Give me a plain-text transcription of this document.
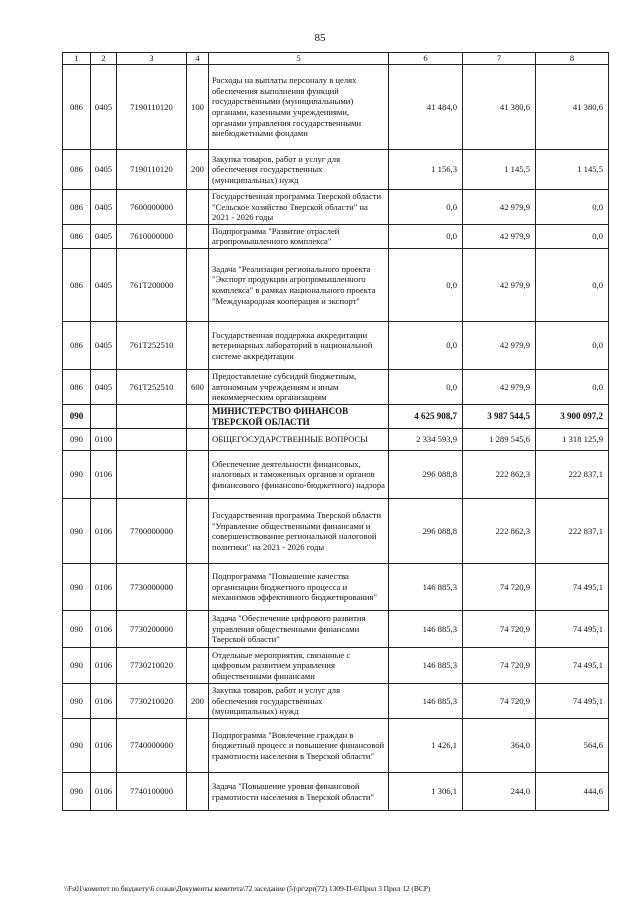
85
1	2	3	4	5	6	7	8
086	0405	7190110120	100	Расходы на выплаты персоналу в целях обеспечения выполнения функций государственными (муниципальными) органами, казенными учреждениями, органами управления государственными внебюджетными фондами	41 484,0	41 380,6	41 380,6
086	0405	7190110120	200	Закупка товаров, работ и услуг для обеспечения государственных (муниципальных) нужд	1 156,3	1 145,5	1 145,5
086	0405	7600000000		Государственная программа Тверской области "Сельское хозяйство Тверской области" на 2021 - 2026 годы	0,0	42 979,9	0,0
086	0405	7610000000		Подпрограмма "Развитие отраслей агропромышленного комплекса"	0,0	42 979,9	0,0
086	0405	761T200000		Задача "Реализация регионального проекта "Экспорт продукции агропромышленного комплекса" в рамках национального проекта "Международная кооперация и экспорт"	0,0	42 979,9	0,0
086	0405	761T252510		Государственная поддержка аккредитации ветеринарных лабораторий в национальной системе аккредитации	0,0	42 979,9	0,0
086	0405	761T252510	600	Предоставление субсидий бюджетным, автономным учреждениям и иным некоммерческим организациям	0,0	42 979,9	0,0
090				МИНИСТЕРСТВО ФИНАНСОВ ТВЕРСКОЙ ОБЛАСТИ	4 625 908,7	3 987 544,5	3 900 097,2
090	0100			ОБЩЕГОСУДАРСТВЕННЫЕ ВОПРОСЫ	2 334 593,9	1 289 545,6	1 318 125,9
090	0106			Обеспечение деятельности финансовых, налоговых и таможенных органов и органов финансового (финансово-бюджетного) надзора	296 088,8	222 862,3	222 837,1
090	0106	7700000000		Государственная программа Тверской области "Управление общественными финансами и совершенствование региональной налоговой политики" на 2021 - 2026 годы	296 088,8	222 862,3	222 837,1
090	0106	7730000000		Подпрограмма "Повышение качества организации бюджетного процесса и механизмов эффективного бюджетирования"	146 885,3	74 720,9	74 495,1
090	0106	7730200000		Задача "Обеспечение цифрового развития управления общественными финансами Тверской области"	146 885,3	74 720,9	74 495,1
090	0106	7730210020		Отдельные мероприятия, связанные с цифровым развитием управления общественными финансами	146 885,3	74 720,9	74 495,1
090	0106	7730210020	200	Закупка товаров, работ и услуг для обеспечения государственных (муниципальных) нужд	146 885,3	74 720,9	74 495,1
090	0106	7740000000		Подпрограмма "Вовлечение граждан в бюджетный процесс и повышение финансовой грамотности населения в Тверской области"	1 426,1	364,0	564,6
090	0106	7740100000		Задача "Повышение уровня финансовой грамотности населения в Тверской области"	1 306,1	244,0	444,6
\\Fs01\комитет по бюджету\6 созыв\Документы комитета\72 заседание (5)\pr\zpr(72) 1309-П-6\Прил 3 Прил 12 (ВСР)
